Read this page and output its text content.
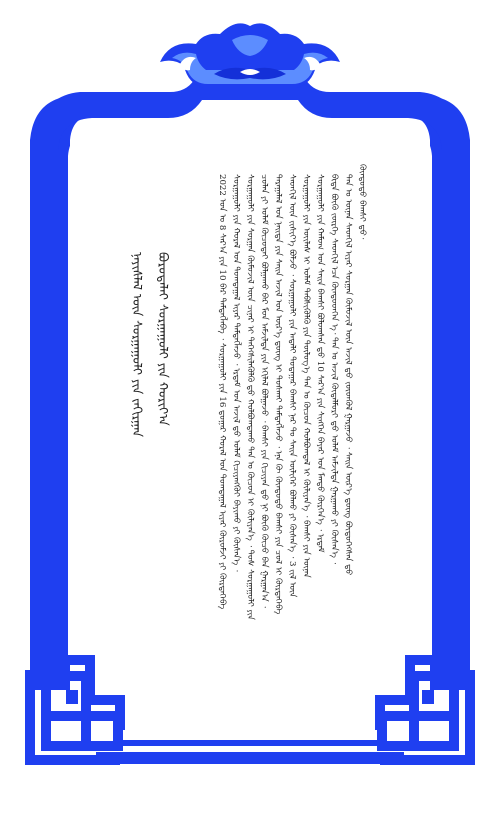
ᠪᠣᠷᠣᠳᠠᠯᠠᠢ ᠰᠤᠷᠭᠠᠭᠤᠯᠢ ᠶᠢᠨ ᠬᠣᠷᠢᠶ᠎ᠠ
ᠨᠡᠶᠢᠰᠯᠡᠯ ᠦᠨ ᠰᠤᠷᠭᠠᠭᠤᠯᠢ ᠶᠢᠨ ᠵᠠᠬᠢᠷᠭᠠᠨ
ᠬᠦᠨᠳᠦᠲᠦ ᠪᠠᠭᠰᠢ ᠳ᠋ᠤ᠂
ᠲᠠᠨ ᠤ ᠦᠨᠡᠨ ᠰᠡᠳᠬᠢᠯ ᠢᠶᠡᠷ ᠰᠤᠷᠭᠠᠨ ᠬᠦᠮᠦᠵᠢᠯ ᠦᠨ ᠠᠵᠢᠯ ᠳ᠋ᠤ ᠵᠦᠳᠬᠦᠯ ᠭᠠᠷᠭᠠᠵᠤ ᠂ ᠰᠠᠢᠨ ᠦᠷ᠎ᠡ ᠳ᠋ᠦᠩ ᠪᠦᠲᠦᠭᠡᠭᠰᠡᠨ ᠳ᠋ᠤ
ᠪᠢᠳᠡ ᠪᠦᠬᠦ ᠵᠦᠷᠬᠡ ᠰᠡᠳᠬᠢᠯ ᠡᠴᠡ ᠬᠦᠨᠳᠦᠳᠬᠡᠨ ᠡ᠂ ᠲᠠᠨ ᠤ ᠠᠵᠢᠯ ᠬᠥᠳᠡᠯᠮᠦᠷᠢ ᠳ᠋ᠦ ᠤᠯᠠᠮ ᠠᠮᠵᠢᠯᠲᠠ ᠭᠠᠷᠭᠠᠬᠤ ᠶᠢ ᠬᠦᠰᠡᠨ᠎ᠡ ᠂
ᠰᠤᠷᠭᠠᠭᠤᠯᠢ ᠶᠢᠨ ᠬᠠᠮᠤᠭ ᠤᠨ ᠰᠠᠢᠨ ᠪᠠᠭᠰᠢ ᠪᠤᠯᠤᠭᠰᠠᠨ ᠳ᠋ᠤ 10 ᠰᠠᠷ᠎ᠠ ᠶᠢᠨ ᠰᠢᠩᠭᠡᠨ ᠪᠠᠶᠠᠷ ᠤᠨ ᠮᠡᠨᠳᠦ ᠬᠦᠷᠭᠡᠨ᠎ᠡ ᠂ ᠡᠷᠳᠡᠮ
ᠰᠤᠷᠭᠠᠭᠤᠯᠢ ᠶᠢᠨ ᠦᠢᠯᠡᠰ ᠢ ᠤᠯᠠᠮ ᠳᠡᠪᠰᠢᠭᠦᠯᠬᠦ ᠶᠢᠨ ᠲᠥᠯᠥᠭ᠎ᠡ ᠲᠠᠨ ᠤ ᠬᠦᠴᠦᠨ ᠬᠣᠯᠪᠣᠭᠳᠠᠯ ᠢ ᠬᠦᠯᠢᠶᠡᠨ᠎ᠡ ᠂ ᠪᠠᠭᠰᠢ ᠶᠢᠨ ᠦᠨᠡᠨ
ᠰᠡᠳᠬᠢᠯ ᠦᠨ ᠵᠢᠱᠢᠶ᠎ᠡ ᠪᠣᠯᠵᠤ ᠂ ᠰᠤᠷᠭᠠᠭᠤᠯᠢ ᠶᠢᠨ ᠠᠳᠠᠯᠢ ᠳᠤᠲᠠᠭᠠᠷ ᠪᠠᠭᠰᠢ ᠨᠠᠷ ᠲᠤ ᠰᠠᠢᠨ ᠦᠯᠢᠭᠡᠷ ᠪᠣᠯᠬᠤ ᠶᠢ ᠬᠦᠰᠡᠨ᠎ᠡ ᠂ 3 ᠵᠢᠯ ᠦᠨ
ᠳᠠᠷᠠᠭᠠᠯᠠᠯ ᠤᠨ ᠨᠡᠢᠲᠡ ᠶᠢᠨ ᠰᠠᠢᠨ ᠠᠵᠢᠯ ᠤᠨ ᠦᠷ᠎ᠡ ᠳ᠋ᠦᠩ ᠢ ᠲᠤᠰᠬᠠᠢ ᠲᠡᠮᠳᠡᠭᠯᠡᠵᠦ ᠂ ᠡᠨᠡ ᠬᠦ ᠬᠦᠨᠳᠦᠲᠦ ᠪᠠᠭᠰᠢ ᠶᠢᠨ ᠴᠣᠯ ᠢ ᠬᠦᠷᠲᠡᠭᠡᠪᠡ
ᠴᠣᠯᠠᠨ ᠶᠢ ᠤᠯᠠᠮ ᠬᠦᠴᠦᠲᠡᠢ ᠪᠣᠯᠭᠠᠬᠤ ᠪᠠᠷ ᠮᠣᠨ ᠠᠮᠵᠢᠯᠲᠠ ᠶᠢᠨ ᠡᠬᠢᠯᠡᠯ ᠪᠣᠯᠭᠠᠵᠤ ᠂ ᠪᠠᠭᠰᠢ ᠶᠢᠨ ᠬᠢᠴᠢᠶᠡᠨ ᠳ᠋ᠦ ᠨᠢ ᠪᠦᠬᠦ ᠬᠦᠴᠦ ᠪᠡᠨ ᠭᠠᠷᠭᠠᠨ᠎ᠠ ᠂
ᠰᠤᠷᠭᠠᠭᠤᠯᠢ ᠶᠢᠨ ᠰᠤᠷᠭᠠᠨ ᠬᠦᠮᠦᠵᠢᠯ ᠦᠨ ᠴᠢᠨᠠᠷ ᠢ ᠳᠡᠭᠡᠭᠰᠢᠯᠡᠭᠦᠯᠬᠦ ᠳ᠋ᠦ ᠬᠣᠯᠪᠣᠭᠳᠠᠬᠤ ᠲᠠᠨ ᠤ ᠬᠦᠴᠦᠨ ᠢ ᠬᠦᠯᠢᠶᠡᠨ᠎ᠡ ᠂ ᠲᠤᠰ ᠰᠤᠷᠭᠠᠭᠤᠯᠢ ᠶᠢᠨ
ᠰᠤᠷᠭᠠᠭᠤᠯᠢ ᠶᠢᠨ ᠬᠤᠷᠠᠯ ᠤᠨ ᠲᠣᠭᠲᠠᠭᠠᠯ ᠢᠶᠠᠷ ᠲᠡᠮᠳᠡᠭᠯᠡᠵᠦ ᠂ ᠡᠷᠳᠡᠮ ᠤᠨ ᠠᠵᠢᠯ ᠳ᠋ᠤ ᠤᠯᠠᠮ ᠬᠢᠴᠢᠶᠡᠩᠭᠦᠢ ᠪᠠᠶᠢᠬᠤ ᠶᠢ ᠬᠦᠰᠡᠨ᠎ᠡ ᠂
2022 ᠣᠨ ᠤ 8 ᠰᠠᠷ᠎ᠠ ᠶᠢᠨ 10 ᠪᠡᠷ ᠲᠡᠮᠳᠡᠭᠯᠡᠪᠡ ᠂ ᠰᠤᠷᠭᠠᠭᠤᠯᠢ ᠶᠢᠨ 16 ᠳ᠋ᠤᠭᠠᠷ ᠬᠤᠷᠠᠯ ᠤᠨ ᠲᠣᠭᠲᠠᠭᠠᠯ ᠢᠶᠠᠷ ᠭᠥᠷᠦᠮᠵᠢ ᠶᠢ ᠬᠦᠷᠲᠡᠭᠡᠪᠡ
